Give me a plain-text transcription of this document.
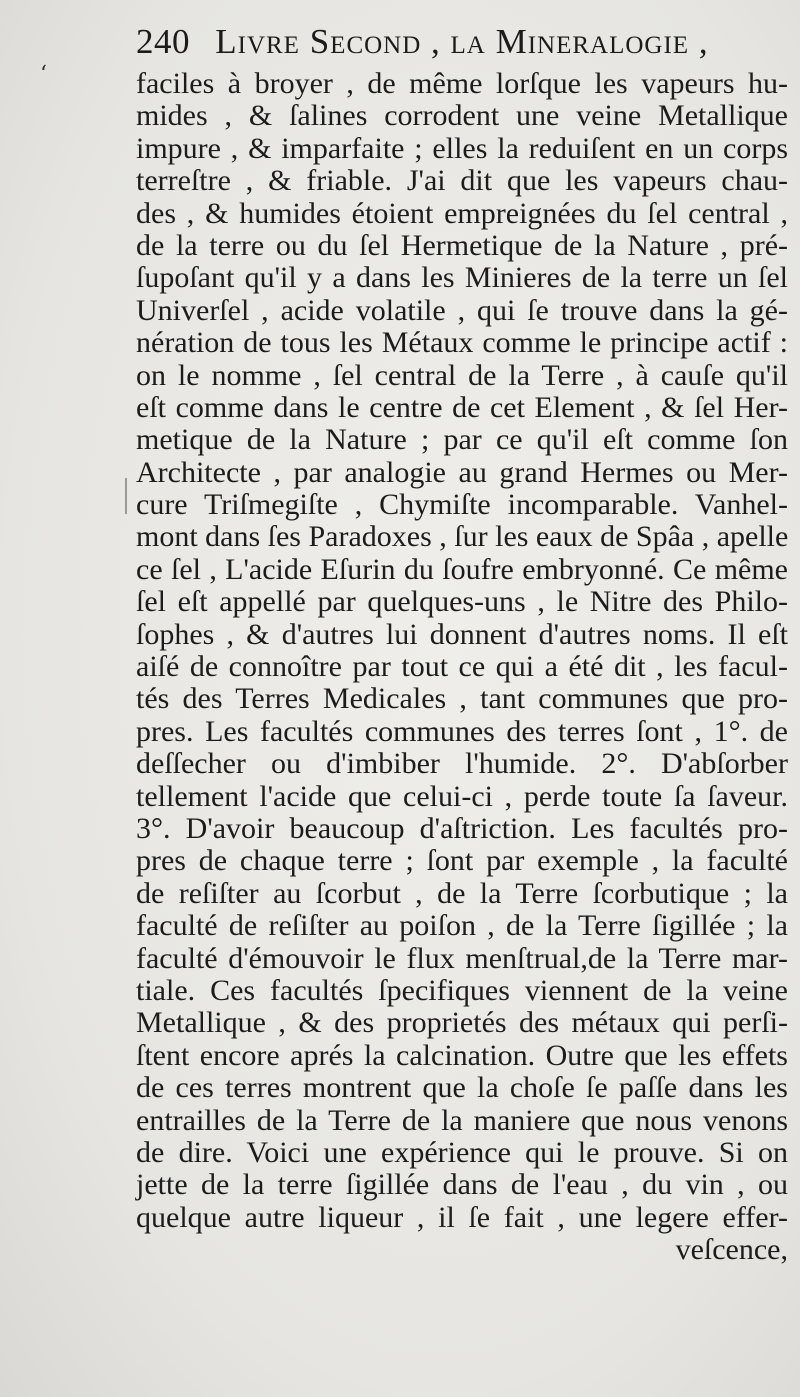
ʻ
240 Livre Second , la Mineralogie ,
faciles à broyer , de même lorſque les vapeurs hu-
mides , & ſalines corrodent une veine Metallique
impure , & imparfaite ; elles la reduiſent en un corps
terreſtre , & friable. J'ai dit que les vapeurs chau-
des , & humides étoient empreignées du ſel central ,
de la terre ou du ſel Hermetique de la Nature , pré-
ſupoſant qu'il y a dans les Minieres de la terre un ſel
Univerſel , acide volatile , qui ſe trouve dans la gé-
nération de tous les Métaux comme le principe actif :
on le nomme , ſel central de la Terre , à cauſe qu'il
eſt comme dans le centre de cet Element , & ſel Her-
metique de la Nature ; par ce qu'il eſt comme ſon
Architecte , par analogie au grand Hermes ou Mer-
cure Triſmegiſte , Chymiſte incomparable. Vanhel-
mont dans ſes Paradoxes , ſur les eaux de Spâa , apelle
ce ſel , L'acide Eſurin du ſoufre embryonné. Ce même
ſel eſt appellé par quelques-uns , le Nitre des Philo-
ſophes , & d'autres lui donnent d'autres noms. Il eſt
aiſé de connoître par tout ce qui a été dit , les facul-
tés des Terres Medicales , tant communes que pro-
pres. Les facultés communes des terres ſont , 1°. de
deſſecher ou d'imbiber l'humide. 2°. D'abſorber
tellement l'acide que celui-ci , perde toute ſa ſaveur.
3°. D'avoir beaucoup d'aſtriction. Les facultés pro-
pres de chaque terre ; ſont par exemple , la faculté
de reſiſter au ſcorbut , de la Terre ſcorbutique ; la
faculté de reſiſter au poiſon , de la Terre ſigillée ; la
faculté d'émouvoir le flux menſtrual,de la Terre mar-
tiale. Ces facultés ſpecifiques viennent de la veine
Metallique , & des proprietés des métaux qui perſi-
ſtent encore aprés la calcination. Outre que les effets
de ces terres montrent que la choſe ſe paſſe dans les
entrailles de la Terre de la maniere que nous venons
de dire. Voici une expérience qui le prouve. Si on
jette de la terre ſigillée dans de l'eau , du vin , ou
quelque autre liqueur , il ſe fait , une legere effer-
veſcence,
